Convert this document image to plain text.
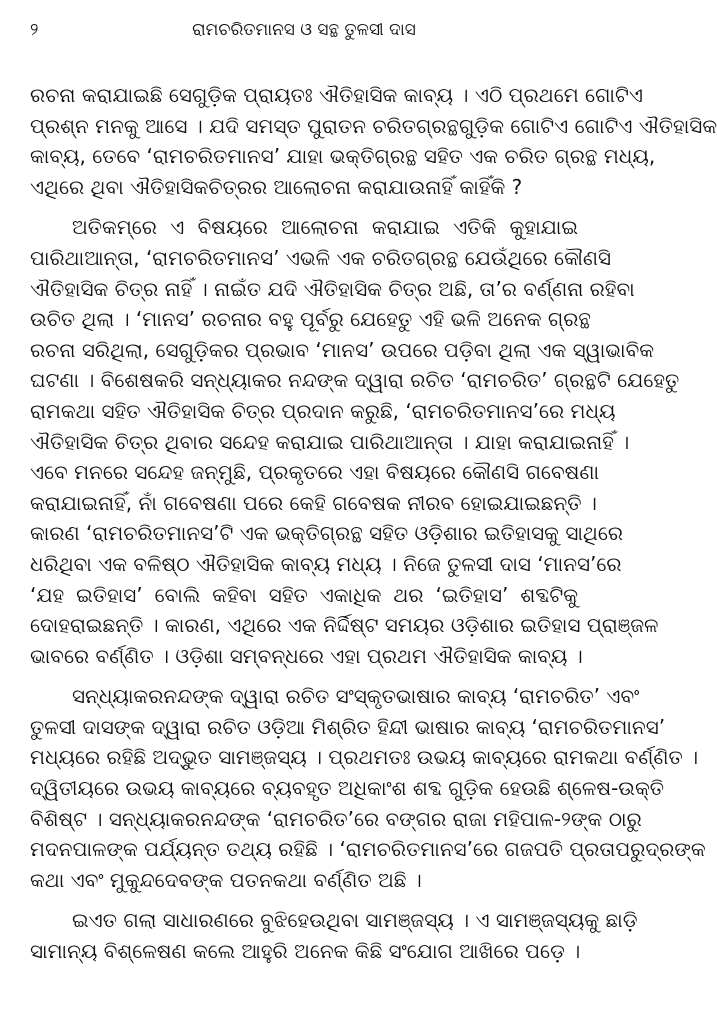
୨	ରାମଚରିତମାନସ ଓ ସନ୍ଥ ତୁଳସୀ ଦାସ

ରଚନା କରାଯାଇଛି ସେଗୁଡ଼ିକ ପ୍ରାୟତଃ ଐତିହାସିକ କାବ୍ୟ । ଏଠି ପ୍ରଥମେ ଗୋଟିଏ
ପ୍ରଶ୍ନ ମନକୁ ଆସେ । ଯଦି ସମସ୍ତ ପୁରାତନ ଚରିତଗ୍ରନ୍ଥଗୁଡ଼ିକ ଗୋଟିଏ ଗୋଟିଏ ଐତିହାସିକ
କାବ୍ୟ, ତେବେ ‘ରାମଚରିତମାନସ’ ଯାହା ଭକ୍ତିଗ୍ରନ୍ଥ ସହିତ ଏକ ଚରିତ ଗ୍ରନ୍ଥ ମଧ୍ୟ,
ଏଥିରେ ଥିବା ଐତିହାସିକଚିତ୍ରର ଆଲୋଚନା କରାଯାଉନାହିଁ କାହିଁକି ?

ଅତିକମ୍‌ରେ ଏ ବିଷୟରେ ଆଲୋଚନା କରାଯାଇ ଏତିକି କୁହାଯାଇ
ପାରିଥାଆନ୍ତା, ‘ରାମଚରିତମାନସ’ ଏଭଳି ଏକ ଚରିତଗ୍ରନ୍ଥ ଯେଉଁଥିରେ କୌଣସି
ଐତିହାସିକ ଚିତ୍ର ନାହିଁ । ନାଇଁତ ଯଦି ଐତିହାସିକ ଚିତ୍ର ଅଛି, ତା’ର ବର୍ଣ୍ଣନା ରହିବା
ଉଚିତ ଥିଲା । ‘ମାନସ’ ରଚନାର ବହୁ ପୂର୍ବରୁ ଯେହେତୁ ଏହି ଭଳି ଅନେକ ଗ୍ରନ୍ଥ
ରଚନା ସରିଥିଲା, ସେଗୁଡ଼ିକର ପ୍ରଭାବ ‘ମାନସ’ ଉପରେ ପଡ଼ିବା ଥିଲା ଏକ ସ୍ୱାଭାବିକ
ଘଟଣା । ବିଶେଷକରି ସନ୍ଧ୍ୟାକର ନନ୍ଦଙ୍କ ଦ୍ୱାରା ରଚିତ ‘ରାମଚରିତ’ ଗ୍ରନ୍ଥଟି ଯେହେତୁ
ରାମକଥା ସହିତ ଐତିହାସିକ ଚିତ୍ର ପ୍ରଦାନ କରୁଛି, ‘ରାମଚରିତମାନସ’ରେ ମଧ୍ୟ
ଐତିହାସିକ ଚିତ୍ର ଥିବାର ସନ୍ଦେହ କରାଯାଇ ପାରିଥାଆନ୍ତା । ଯାହା କରାଯାଇନାହିଁ ।
ଏବେ ମନରେ ସନ୍ଦେହ ଜନ୍ମୁଛି, ପ୍ରକୃତରେ ଏହା ବିଷୟରେ କୌଣସି ଗବେଷଣା
କରାଯାଇନାହିଁ, ନାଁ ଗବେଷଣା ପରେ କେହି ଗବେଷକ ନୀରବ ହୋଇଯାଇଛନ୍ତି ।
କାରଣ ‘ରାମଚରିତମାନସ’ଟି ଏକ ଭକ୍ତିଗ୍ରନ୍ଥ ସହିତ ଓଡ଼ିଶାର ଇତିହାସକୁ ସାଥିରେ
ଧରିଥିବା ଏକ ବଳିଷ୍ଠ ଐତିହାସିକ କାବ୍ୟ ମଧ୍ୟ । ନିଜେ ତୁଳସୀ ଦାସ ‘ମାନସ’ରେ
‘ଯହ ଇତିହାସ’ ବୋଲି କହିବା ସହିତ ଏକାଧିକ ଥର ‘ଇତିହାସ’ ଶବ୍ଦଟିକୁ
ଦୋହରାଇଛନ୍ତି । କାରଣ, ଏଥିରେ ଏକ ନିର୍ଦ୍ଦିଷ୍ଟ ସମୟର ଓଡ଼ିଶାର ଇତିହାସ ପ୍ରାଞ୍ଜଳ
ଭାବରେ ବର୍ଣ୍ଣିତ । ଓଡ଼ିଶା ସମ୍ବନ୍ଧରେ ଏହା ପ୍ରଥମ ଐତିହାସିକ କାବ୍ୟ ।

ସନ୍ଧ୍ୟାକରନନ୍ଦଙ୍କ ଦ୍ୱାରା ରଚିତ ସଂସ୍କୃତଭାଷାର କାବ୍ୟ ‘ରାମଚରିତ’ ଏବଂ
ତୁଳସୀ ଦାସଙ୍କ ଦ୍ୱାରା ରଚିତ ଓଡ଼ିଆ ମିଶ୍ରିତ ହିନ୍ଦୀ ଭାଷାର କାବ୍ୟ ‘ରାମଚରିତମାନସ’
ମଧ୍ୟରେ ରହିଛି ଅଦ୍ଭୁତ ସାମଞ୍ଜସ୍ୟ । ପ୍ରଥମତଃ ଉଭୟ କାବ୍ୟରେ ରାମକଥା ବର୍ଣ୍ଣିତ ।
ଦ୍ୱିତୀୟରେ ଉଭୟ କାବ୍ୟରେ ବ୍ୟବହୃତ ଅଧିକାଂଶ ଶବ୍ଦ ଗୁଡ଼ିକ ହେଉଛି ଶ୍ଳେଷ-ଉକ୍ତି
ବିଶିଷ୍ଟ । ସନ୍ଧ୍ୟାକରନନ୍ଦଙ୍କ ‘ରାମଚରିତ’ରେ ବଙ୍ଗର ରାଜା ମହିପାଳ-୨ଙ୍କ ଠାରୁ
ମଦନପାଳଙ୍କ ପର୍ଯ୍ୟନ୍ତ ତଥ୍ୟ ରହିଛି । ‘ରାମଚରିତମାନସ’ରେ ଗଜପତି ପ୍ରତାପରୁଦ୍ରଙ୍କ
କଥା ଏବଂ ମୁକୁନ୍ଦଦେବଙ୍କ ପତନକଥା ବର୍ଣ୍ଣିତ ଅଛି ।

ଇଏତ ଗଲା ସାଧାରଣରେ ବୁଝିହେଉଥିବା ସାମଞ୍ଜସ୍ୟ । ଏ ସାମଞ୍ଜସ୍ୟକୁ ଛାଡ଼ି
ସାମାନ୍ୟ ବିଶ୍ଳେଷଣ କଲେ ଆହୁରି ଅନେକ କିଛି ସଂଯୋଗ ଆଖିରେ ପଡ଼େ ।
